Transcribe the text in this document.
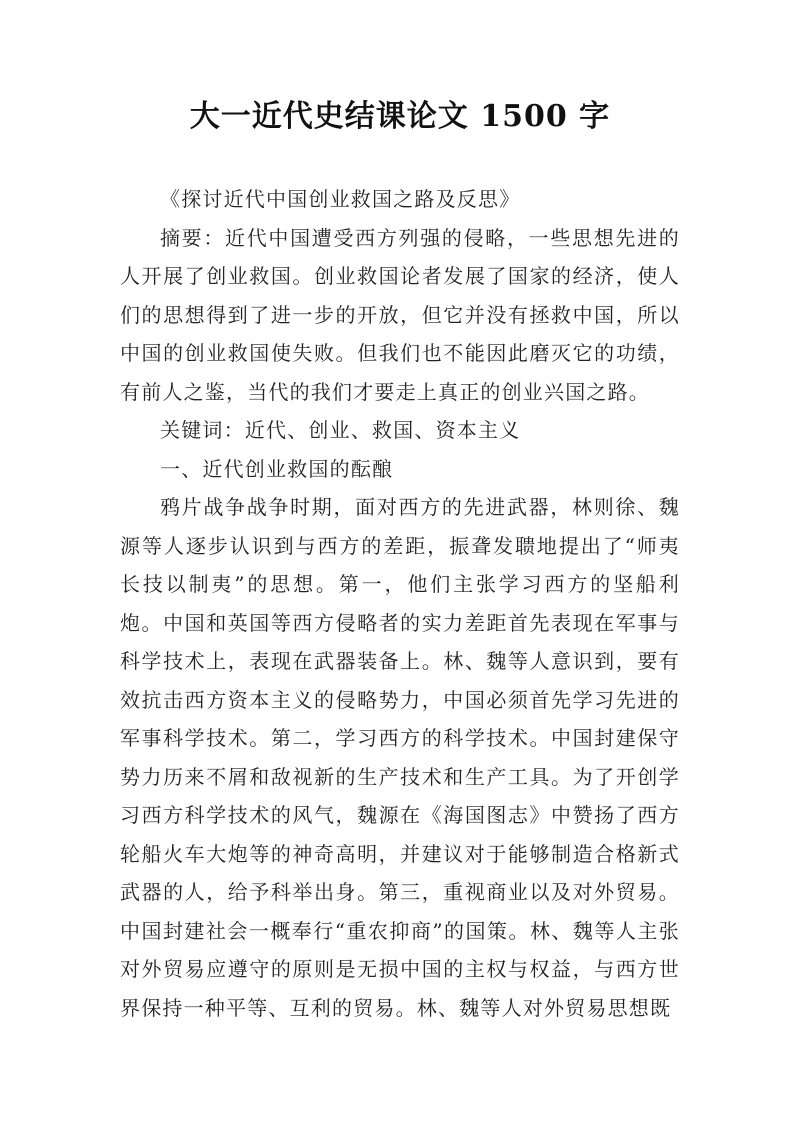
大一近代史结课论文 1500 字

《探讨近代中国创业救国之路及反思》

摘要：近代中国遭受西方列强的侵略，一些思想先进的人开展了创业救国。创业救国论者发展了国家的经济，使人们的思想得到了进一步的开放，但它并没有拯救中国，所以中国的创业救国使失败。但我们也不能因此磨灭它的功绩，有前人之鉴，当代的我们才要走上真正的创业兴国之路。

关键词：近代、创业、救国、资本主义

一、近代创业救国的酝酿

鸦片战争战争时期，面对西方的先进武器，林则徐、魏源等人逐步认识到与西方的差距，振聋发聩地提出了“师夷长技以制夷”的思想。第一，他们主张学习西方的坚船利炮。中国和英国等西方侵略者的实力差距首先表现在军事与科学技术上，表现在武器装备上。林、魏等人意识到，要有效抗击西方资本主义的侵略势力，中国必须首先学习先进的军事科学技术。第二，学习西方的科学技术。中国封建保守势力历来不屑和敌视新的生产技术和生产工具。为了开创学习西方科学技术的风气，魏源在《海国图志》中赞扬了西方轮船火车大炮等的神奇高明，并建议对于能够制造合格新式武器的人，给予科举出身。第三，重视商业以及对外贸易。中国封建社会一概奉行“重农抑商”的国策。林、魏等人主张对外贸易应遵守的原则是无损中国的主权与权益，与西方世界保持一种平等、互利的贸易。林、魏等人对外贸易思想既
